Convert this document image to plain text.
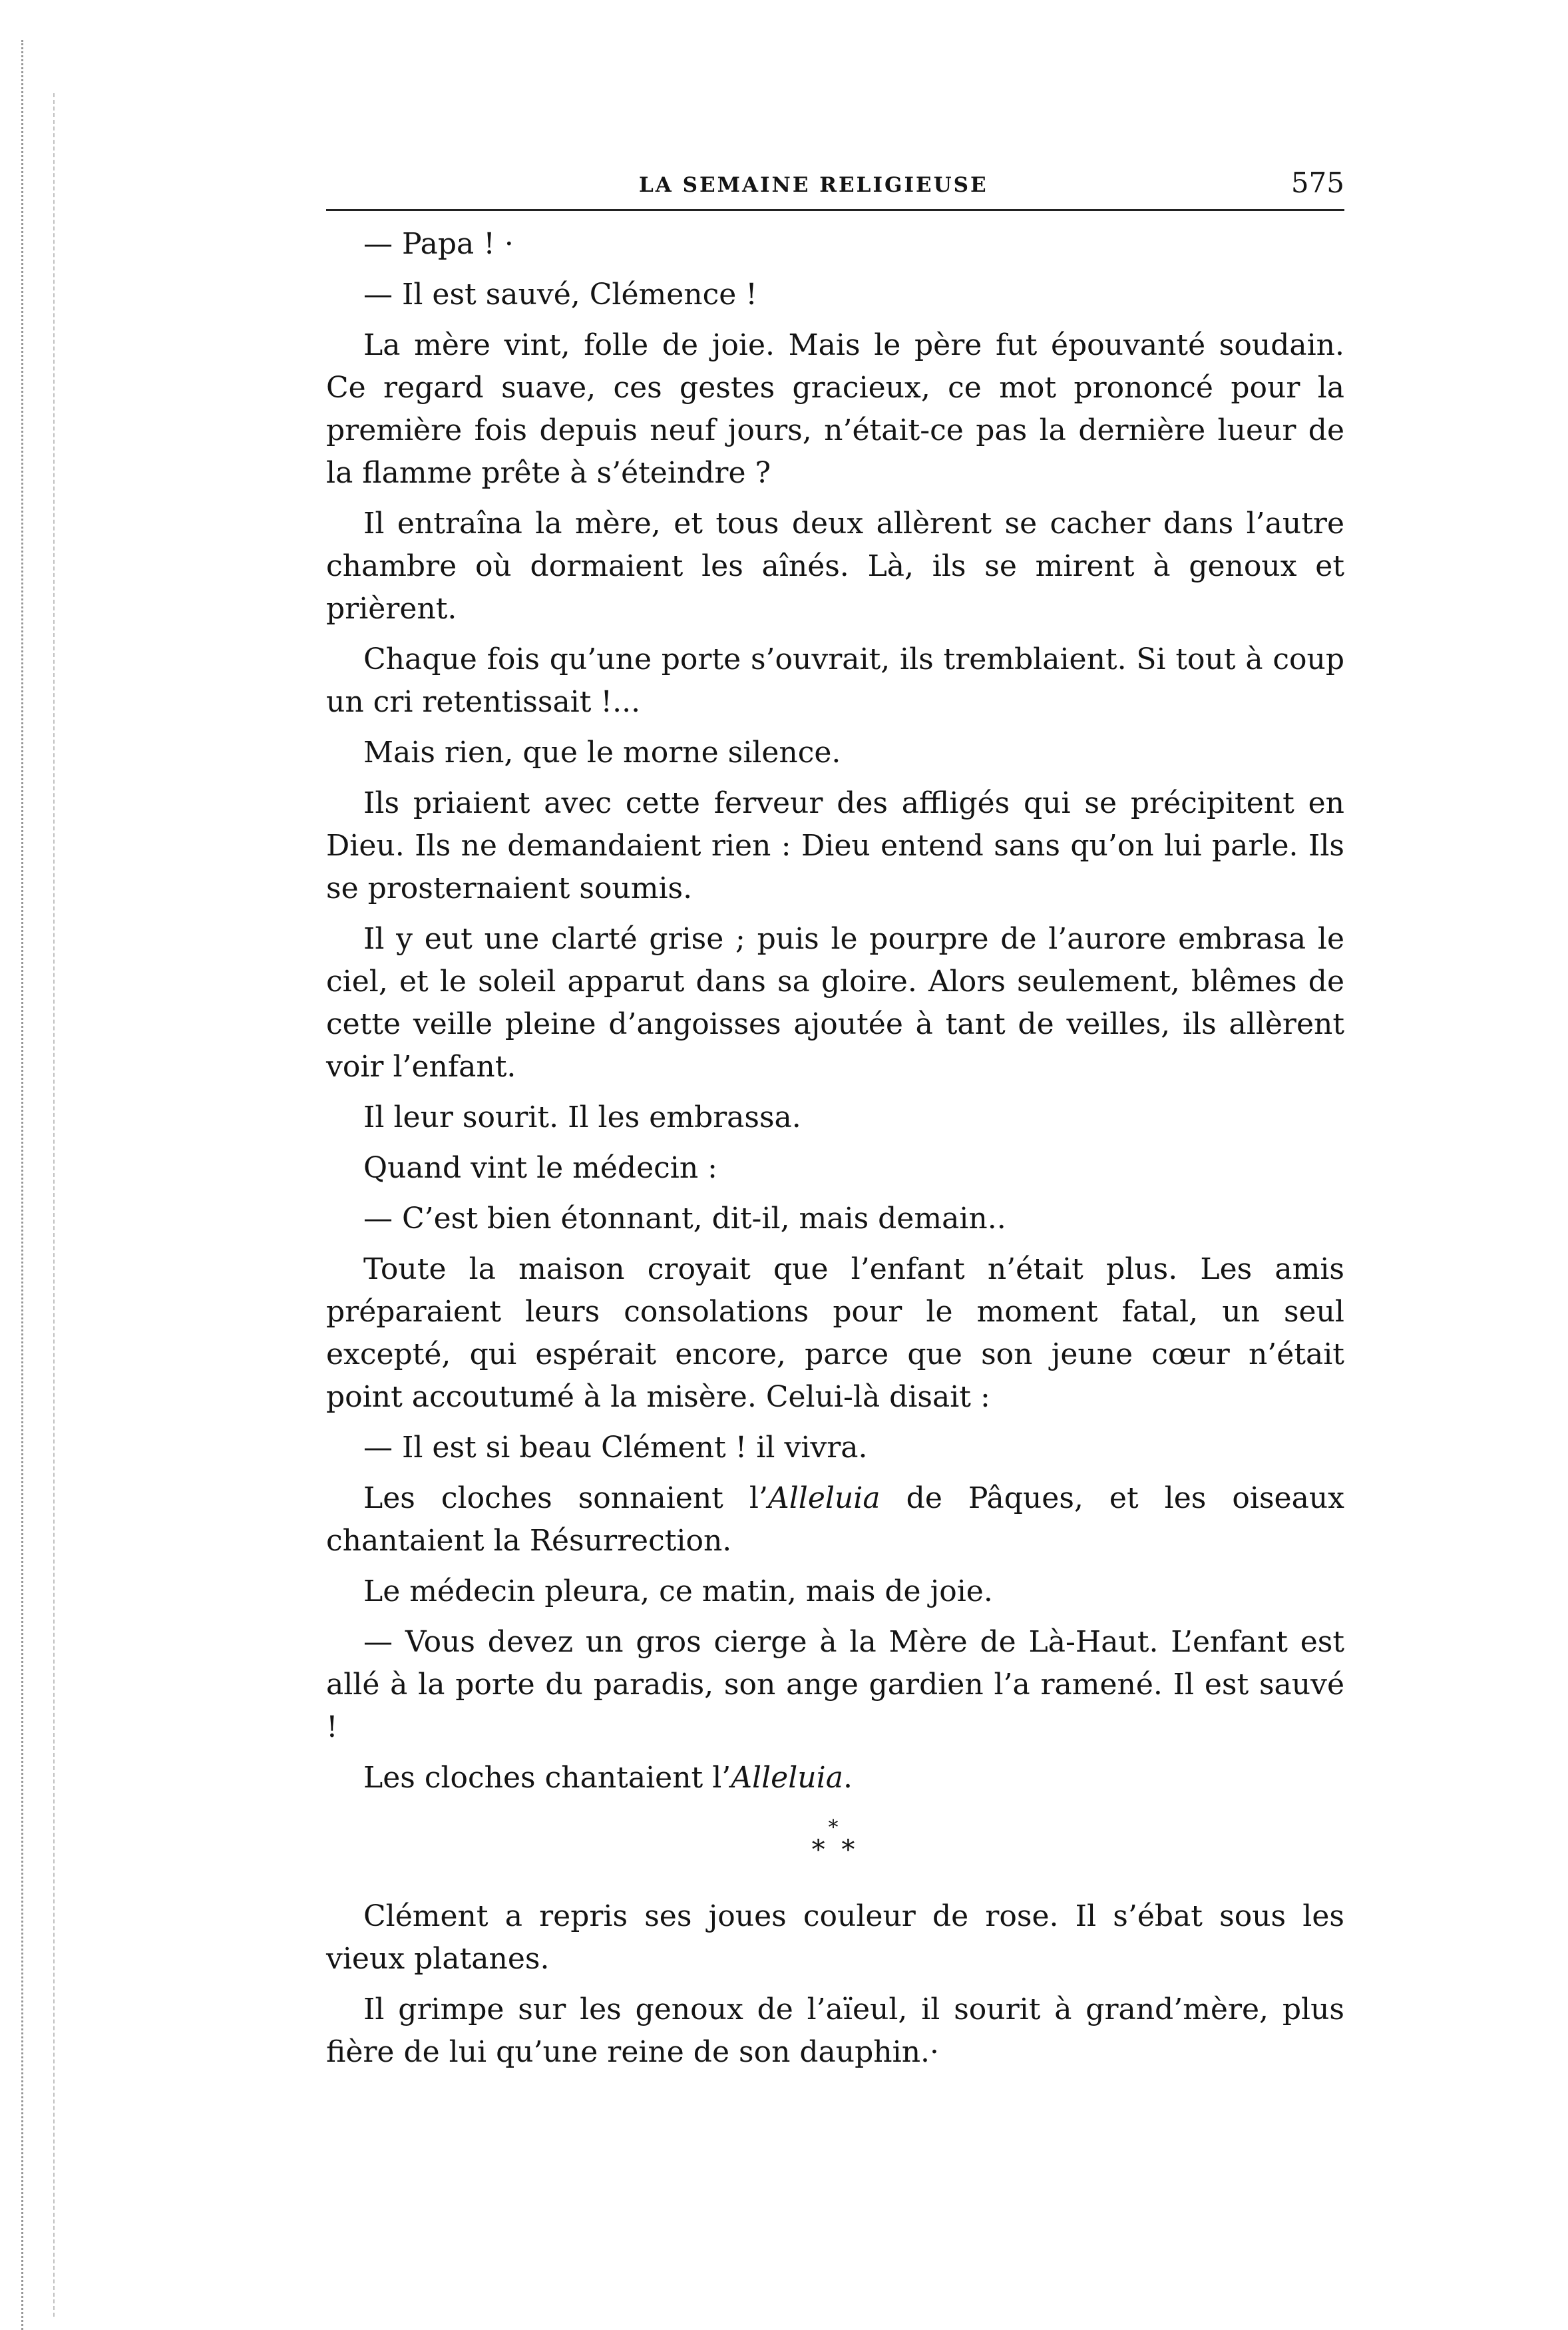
LA SEMAINE RELIGIEUSE	575

— Papa ! ·

— Il est sauvé, Clémence !

La mère vint, folle de joie. Mais le père fut épouvanté soudain. Ce regard suave, ces gestes gracieux, ce mot prononcé pour la première fois depuis neuf jours, n’était-ce pas la dernière lueur de la flamme prête à s’éteindre ?

Il entraîna la mère, et tous deux allèrent se cacher dans l’autre chambre où dormaient les aînés. Là, ils se mirent à genoux et prièrent.

Chaque fois qu’une porte s’ouvrait, ils tremblaient. Si tout à coup un cri retentissait !...

Mais rien, que le morne silence.

Ils priaient avec cette ferveur des affligés qui se précipitent en Dieu. Ils ne demandaient rien : Dieu entend sans qu’on lui parle. Ils se prosternaient soumis.

Il y eut une clarté grise ; puis le pourpre de l’aurore embrasa le ciel, et le soleil apparut dans sa gloire. Alors seulement, blêmes de cette veille pleine d’angoisses ajoutée à tant de veilles, ils allèrent voir l’enfant.

Il leur sourit. Il les embrassa.

Quand vint le médecin :

— C’est bien étonnant, dit-il, mais demain..

Toute la maison croyait que l’enfant n’était plus. Les amis préparaient leurs consolations pour le moment fatal, un seul excepté, qui espérait encore, parce que son jeune cœur n’était point accoutumé à la misère. Celui-là disait :

— Il est si beau Clément ! il vivra.

Les cloches sonnaient l’Alleluia de Pâques, et les oiseaux chantaient la Résurrection.

Le médecin pleura, ce matin, mais de joie.

— Vous devez un gros cierge à la Mère de Là-Haut. L’enfant est allé à la porte du paradis, son ange gardien l’a ramené. Il est sauvé !

Les cloches chantaient l’Alleluia.

*
* *

Clément a repris ses joues couleur de rose. Il s’ébat sous les vieux platanes.

Il grimpe sur les genoux de l’aïeul, il sourit à grand’mère, plus fière de lui qu’une reine de son dauphin.·
